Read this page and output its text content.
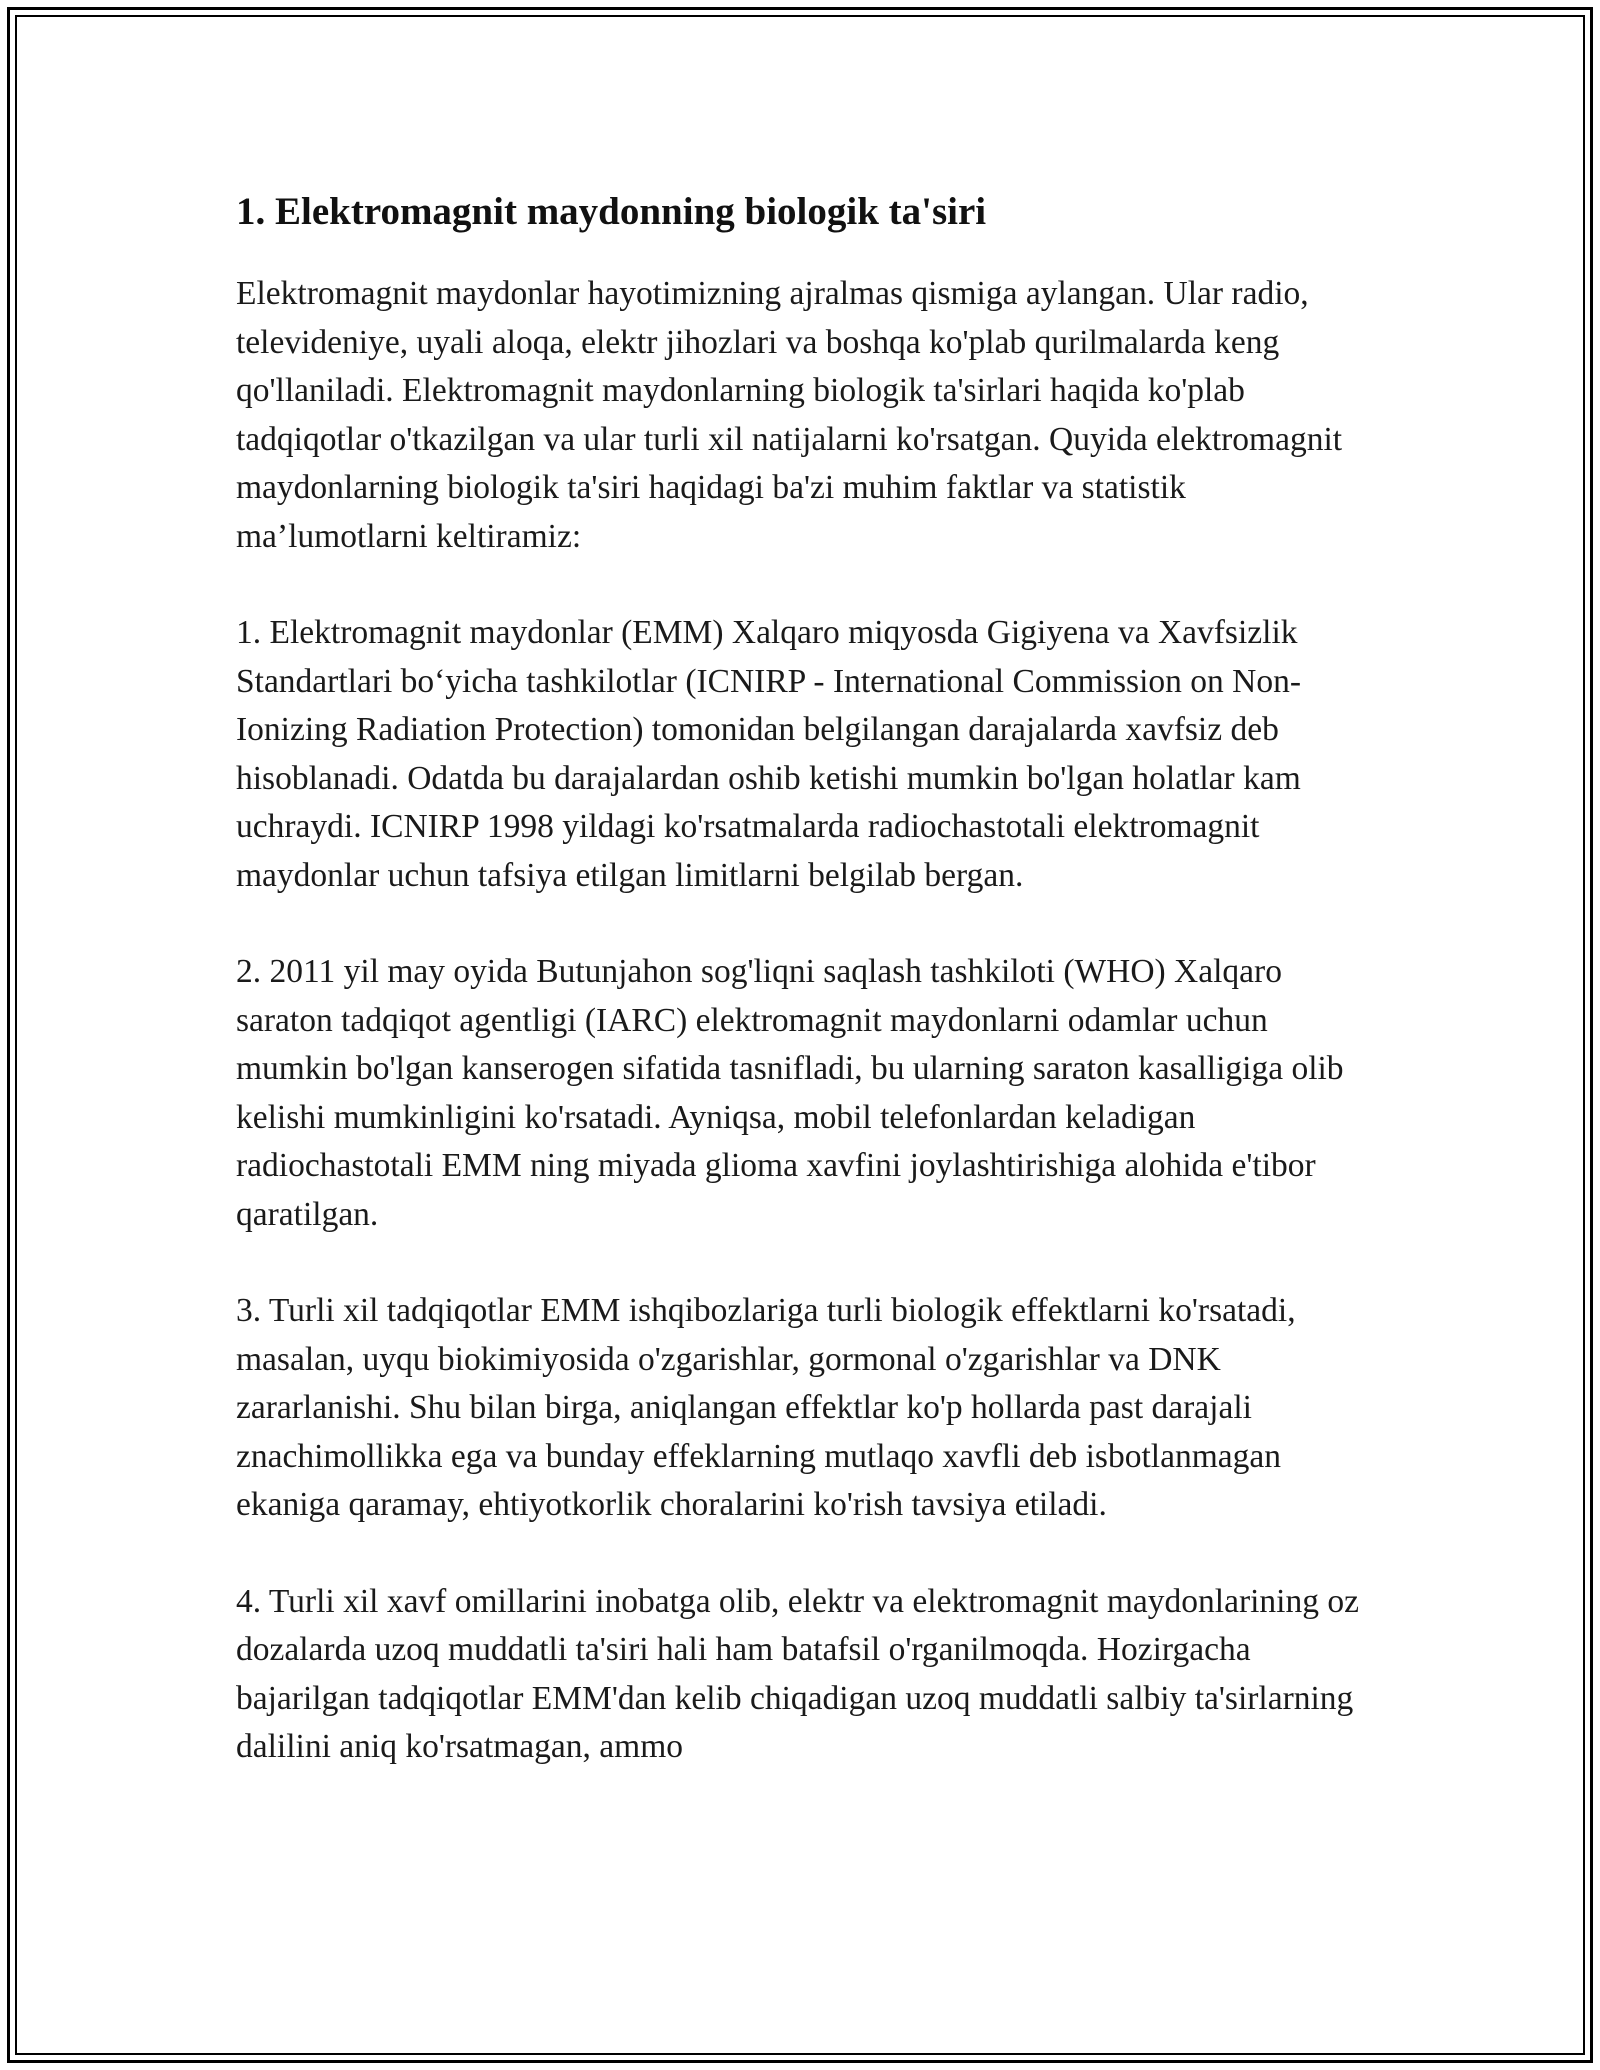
1. Elektromagnit maydonning biologik ta'siri

Elektromagnit maydonlar hayotimizning ajralmas qismiga aylangan. Ular radio, televideniye, uyali aloqa, elektr jihozlari va boshqa ko'plab qurilmalarda keng qo'llaniladi. Elektromagnit maydonlarning biologik ta'sirlari haqida ko'plab tadqiqotlar o'tkazilgan va ular turli xil natijalarni ko'rsatgan. Quyida elektromagnit maydonlarning biologik ta'siri haqidagi ba'zi muhim faktlar va statistik ma’lumotlarni keltiramiz:

1. Elektromagnit maydonlar (EMM) Xalqaro miqyosda Gigiyena va Xavfsizlik Standartlari bo‘yicha tashkilotlar (ICNIRP - International Commission on Non-Ionizing Radiation Protection) tomonidan belgilangan darajalarda xavfsiz deb hisoblanadi. Odatda bu darajalardan oshib ketishi mumkin bo'lgan holatlar kam uchraydi. ICNIRP 1998 yildagi ko'rsatmalarda radiochastotali elektromagnit maydonlar uchun tafsiya etilgan limitlarni belgilab bergan.

2. 2011 yil may oyida Butunjahon sog'liqni saqlash tashkiloti (WHO) Xalqaro saraton tadqiqot agentligi (IARC) elektromagnit maydonlarni odamlar uchun mumkin bo'lgan kanserogen sifatida tasnifladi, bu ularning saraton kasalligiga olib kelishi mumkinligini ko'rsatadi. Ayniqsa, mobil telefonlardan keladigan radiochastotali EMM ning miyada glioma xavfini joylashtirishiga alohida e'tibor qaratilgan.

3. Turli xil tadqiqotlar EMM ishqibozlariga turli biologik effektlarni ko'rsatadi, masalan, uyqu biokimiyosida o'zgarishlar, gormonal o'zgarishlar va DNK zararlanishi. Shu bilan birga, aniqlangan effektlar ko'p hollarda past darajali znachimollikka ega va bunday effeklarning mutlaqo xavfli deb isbotlanmagan ekaniga qaramay, ehtiyotkorlik choralarini ko'rish tavsiya etiladi.

4. Turli xil xavf omillarini inobatga olib, elektr va elektromagnit maydonlarining oz dozalarda uzoq muddatli ta'siri hali ham batafsil o'rganilmoqda. Hozirgacha bajarilgan tadqiqotlar EMM'dan kelib chiqadigan uzoq muddatli salbiy ta'sirlarning dalilini aniq ko'rsatmagan, ammo
